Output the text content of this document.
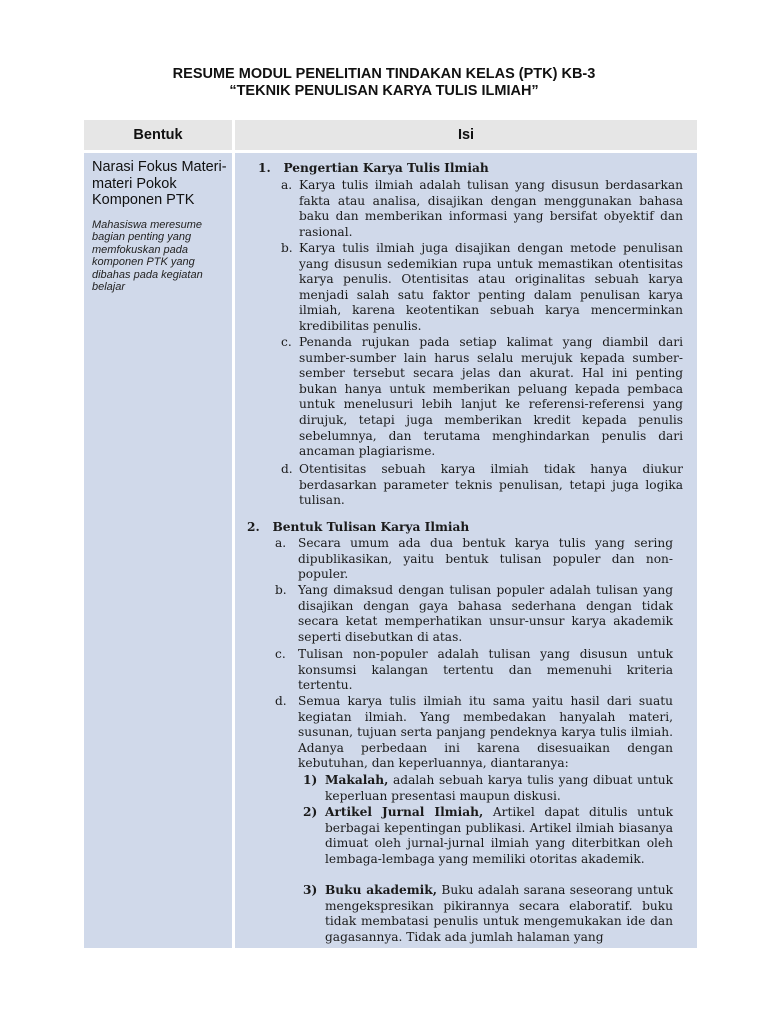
RESUME MODUL PENELITIAN TINDAKAN KELAS (PTK) KB-3
“TEKNIK PENULISAN KARYA TULIS ILMIAH”
Bentuk	Isi
Narasi Fokus Materi-materi Pokok Komponen PTK
Mahasiswa meresume bagian penting yang memfokuskan pada komponen PTK yang dibahas pada kegiatan belajar
1. Pengertian Karya Tulis Ilmiah
a. Karya tulis ilmiah adalah tulisan yang disusun berdasarkan fakta atau analisa, disajikan dengan menggunakan bahasa baku dan memberikan informasi yang bersifat obyektif dan rasional.
b. Karya tulis ilmiah juga disajikan dengan metode penulisan yang disusun sedemikian rupa untuk memastikan otentisitas karya penulis. Otentisitas atau originalitas sebuah karya menjadi salah satu faktor penting dalam penulisan karya ilmiah, karena keotentikan sebuah karya mencerminkan kredibilitas penulis.
c. Penanda rujukan pada setiap kalimat yang diambil dari sumber-sumber lain harus selalu merujuk kepada sumber-sember tersebut secara jelas dan akurat. Hal ini penting bukan hanya untuk memberikan peluang kepada pembaca untuk menelusuri lebih lanjut ke referensi-referensi yang dirujuk, tetapi juga memberikan kredit kepada penulis sebelumnya, dan terutama menghindarkan penulis dari ancaman plagiarisme.
d. Otentisitas sebuah karya ilmiah tidak hanya diukur berdasarkan parameter teknis penulisan, tetapi juga logika tulisan.
2. Bentuk Tulisan Karya Ilmiah
a. Secara umum ada dua bentuk karya tulis yang sering dipublikasikan, yaitu bentuk tulisan populer dan non-populer.
b. Yang dimaksud dengan tulisan populer adalah tulisan yang disajikan dengan gaya bahasa sederhana dengan tidak secara ketat memperhatikan unsur-unsur karya akademik seperti disebutkan di atas.
c.	Tulisan non-populer adalah tulisan yang disusun untuk konsumsi kalangan tertentu dan memenuhi kriteria tertentu.
d. Semua karya tulis ilmiah itu sama yaitu hasil dari suatu kegiatan ilmiah. Yang membedakan hanyalah materi, susunan, tujuan serta panjang pendeknya karya tulis ilmiah. Adanya perbedaan ini karena disesuaikan dengan kebutuhan, dan keperluannya, diantaranya:
1) Makalah, adalah sebuah karya tulis yang dibuat untuk keperluan presentasi maupun diskusi.
2) Artikel Jurnal Ilmiah, Artikel dapat ditulis untuk berbagai kepentingan publikasi. Artikel ilmiah biasanya dimuat oleh jurnal-jurnal ilmiah yang diterbitkan oleh lembaga-lembaga yang memiliki otoritas akademik.
3) Buku akademik, Buku adalah sarana seseorang untuk mengekspresikan pikirannya secara elaboratif. buku tidak membatasi penulis untuk mengemukakan ide dan gagasannya. Tidak ada jumlah halaman yang
